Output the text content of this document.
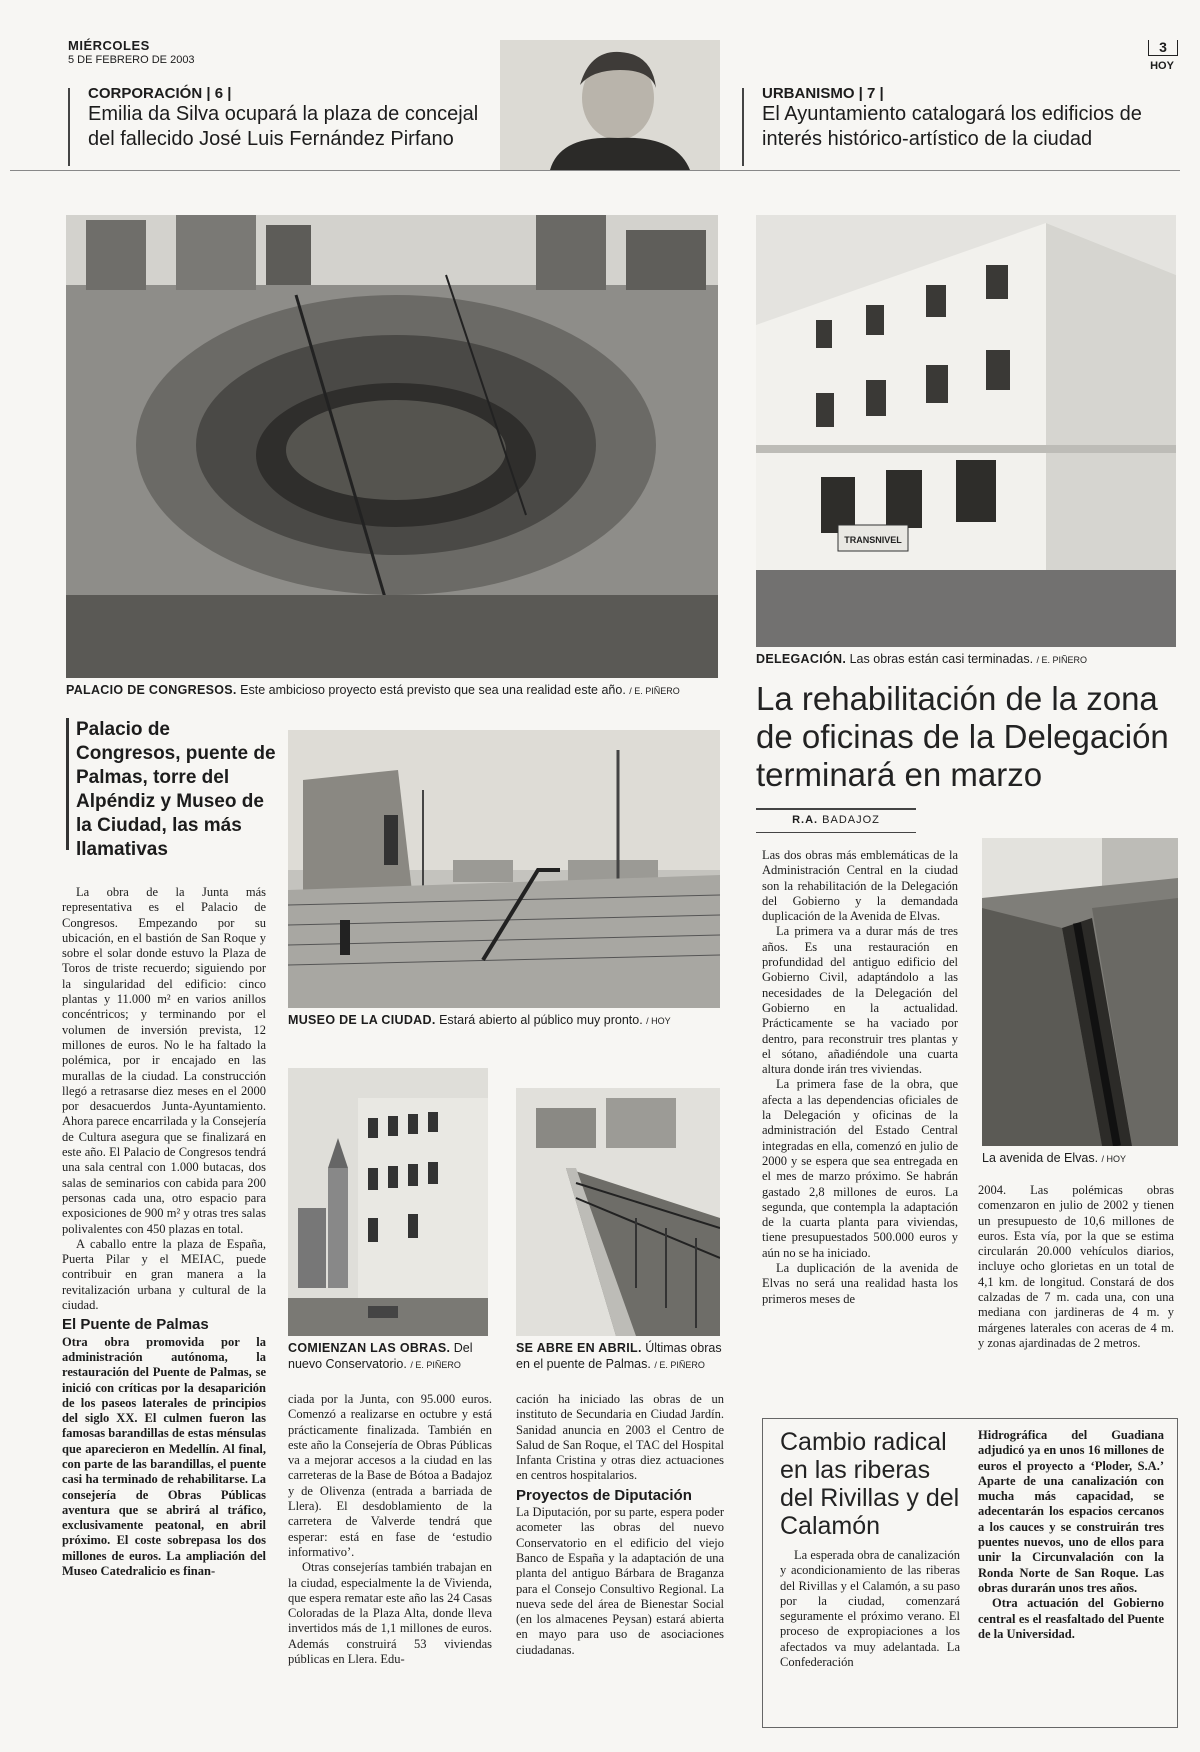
MIÉRCOLES
5 DE FEBRERO DE 2003
3
HOY
CORPORACIÓN | 6 |
Emilia da Silva ocupará la plaza de concejal del fallecido José Luis Fernández Pirfano
URBANISMO | 7 |
El Ayuntamiento catalogará los edificios de interés histórico-artístico de la ciudad
PALACIO DE CONGRESOS. Este ambicioso proyecto está previsto que sea una realidad este año. / E. PIÑERO
TRANSNIVEL
DELEGACIÓN. Las obras están casi terminadas. / E. PIÑERO
La rehabilitación de la zona de oficinas de la Delegación terminará en marzo
R.A. BADAJOZ
Palacio de Congresos, puente de Palmas, torre del Alpéndiz y Museo de la Ciudad, las más llamativas

La obra de la Junta más representativa es el Palacio de Congresos. Empezando por su ubicación, en el bastión de San Roque y sobre el solar donde estuvo la Plaza de Toros de triste recuerdo; siguiendo por la singularidad del edificio: cinco plantas y 11.000 m² en varios anillos concéntricos; y terminando por el volumen de inversión prevista, 12 millones de euros. No le ha faltado la polémica, por ir encajado en las murallas de la ciudad. La construcción llegó a retrasarse diez meses en el 2000 por desacuerdos Junta-Ayuntamiento. Ahora parece encarrilada y la Consejería de Cultura asegura que se finalizará en este año. El Palacio de Congresos tendrá una sala central con 1.000 butacas, dos salas de seminarios con cabida para 200 personas cada una, otro espacio para exposiciones de 900 m² y otras tres salas polivalentes con 450 plazas en total.

A caballo entre la plaza de España, Puerta Pilar y el MEIAC, puede contribuir en gran manera a la revitalización urbana y cultural de la ciudad.

El Puente de Palmas

Otra obra promovida por la administración autónoma, la restauración del Puente de Palmas, se inició con críticas por la desaparición de los paseos laterales de principios del siglo XX. El culmen fueron las famosas barandillas de estas ménsulas que aparecieron en Medellín. Al final, con parte de las barandillas, el puente casi ha terminado de rehabilitarse. La consejería de Obras Públicas aventura que se abrirá al tráfico, exclusivamente peatonal, en abril próximo. El coste sobrepasa los dos millones de euros. La ampliación del Museo Catedralicio es finan-

MUSEO DE LA CIUDAD. Estará abierto al público muy pronto. / HOY
COMIENZAN LAS OBRAS. Del nuevo Conservatorio. / E. PIÑERO
SE ABRE EN ABRIL. Últimas obras en el puente de Palmas. / E. PIÑERO

ciada por la Junta, con 95.000 euros. Comenzó a realizarse en octubre y está prácticamente finalizada. También en este año la Consejería de Obras Públicas va a mejorar accesos a la ciudad en las carreteras de la Base de Bótoa a Badajoz y de Olivenza (entrada a barriada de Llera). El desdoblamiento de la carretera de Valverde tendrá que esperar: está en fase de ‘estudio informativo’.

Otras consejerías también trabajan en la ciudad, especialmente la de Vivienda, que espera rematar este año las 24 Casas Coloradas de la Plaza Alta, donde lleva invertidos más de 1,1 millones de euros. Además construirá 53 viviendas públicas en Llera. Edu-

cación ha iniciado las obras de un instituto de Secundaria en Ciudad Jardín. Sanidad anuncia en 2003 el Centro de Salud de San Roque, el TAC del Hospital Infanta Cristina y otras diez actuaciones en centros hospitalarios.

Proyectos de Diputación

La Diputación, por su parte, espera poder acometer las obras del nuevo Conservatorio en el edificio del viejo Banco de España y la adaptación de una planta del antiguo Bárbara de Braganza para el Consejo Consultivo Regional. La nueva sede del área de Bienestar Social (en los almacenes Peysan) estará abierta en mayo para uso de asociaciones ciudadanas.

Las dos obras más emblemáticas de la Administración Central en la ciudad son la rehabilitación de la Delegación del Gobierno y la demandada duplicación de la Avenida de Elvas.

La primera va a durar más de tres años. Es una restauración en profundidad del antiguo edificio del Gobierno Civil, adaptándolo a las necesidades de la Delegación del Gobierno en la actualidad. Prácticamente se ha vaciado por dentro, para reconstruir tres plantas y el sótano, añadiéndole una cuarta altura donde irán tres viviendas.

La primera fase de la obra, que afecta a las dependencias oficiales de la Delegación y oficinas de la administración del Estado Central integradas en ella, comenzó en julio de 2000 y se espera que sea entregada en el mes de marzo próximo. Se habrán gastado 2,8 millones de euros. La segunda, que contempla la adaptación de la cuarta planta para viviendas, tiene presupuestados 500.000 euros y aún no se ha iniciado.

La duplicación de la avenida de Elvas no será una realidad hasta los primeros meses de

La avenida de Elvas. / HOY

2004. Las polémicas obras comenzaron en julio de 2002 y tienen un presupuesto de 10,6 millones de euros. Esta vía, por la que se estima circularán 20.000 vehículos diarios, incluye ocho glorietas en un total de 4,1 km. de longitud. Constará de dos calzadas de 7 m. cada una, con una mediana con jardineras de 4 m. y márgenes laterales con aceras de 4 m. y zonas ajardinadas de 2 metros.

Cambio radical en las riberas del Rivillas y del Calamón

La esperada obra de canalización y acondicionamiento de las riberas del Rivillas y el Calamón, a su paso por la ciudad, comenzará seguramente el próximo verano. El proceso de expropiaciones a los afectados va muy adelantada. La Confederación

Hidrográfica del Guadiana adjudicó ya en unos 16 millones de euros el proyecto a ‘Ploder, S.A.’ Aparte de una canalización con mucha más capacidad, se adecentarán los espacios cercanos a los cauces y se construirán tres puentes nuevos, uno de ellos para unir la Circunvalación con la Ronda Norte de San Roque. Las obras durarán unos tres años.

Otra actuación del Gobierno central es el reasfaltado del Puente de la Universidad.
